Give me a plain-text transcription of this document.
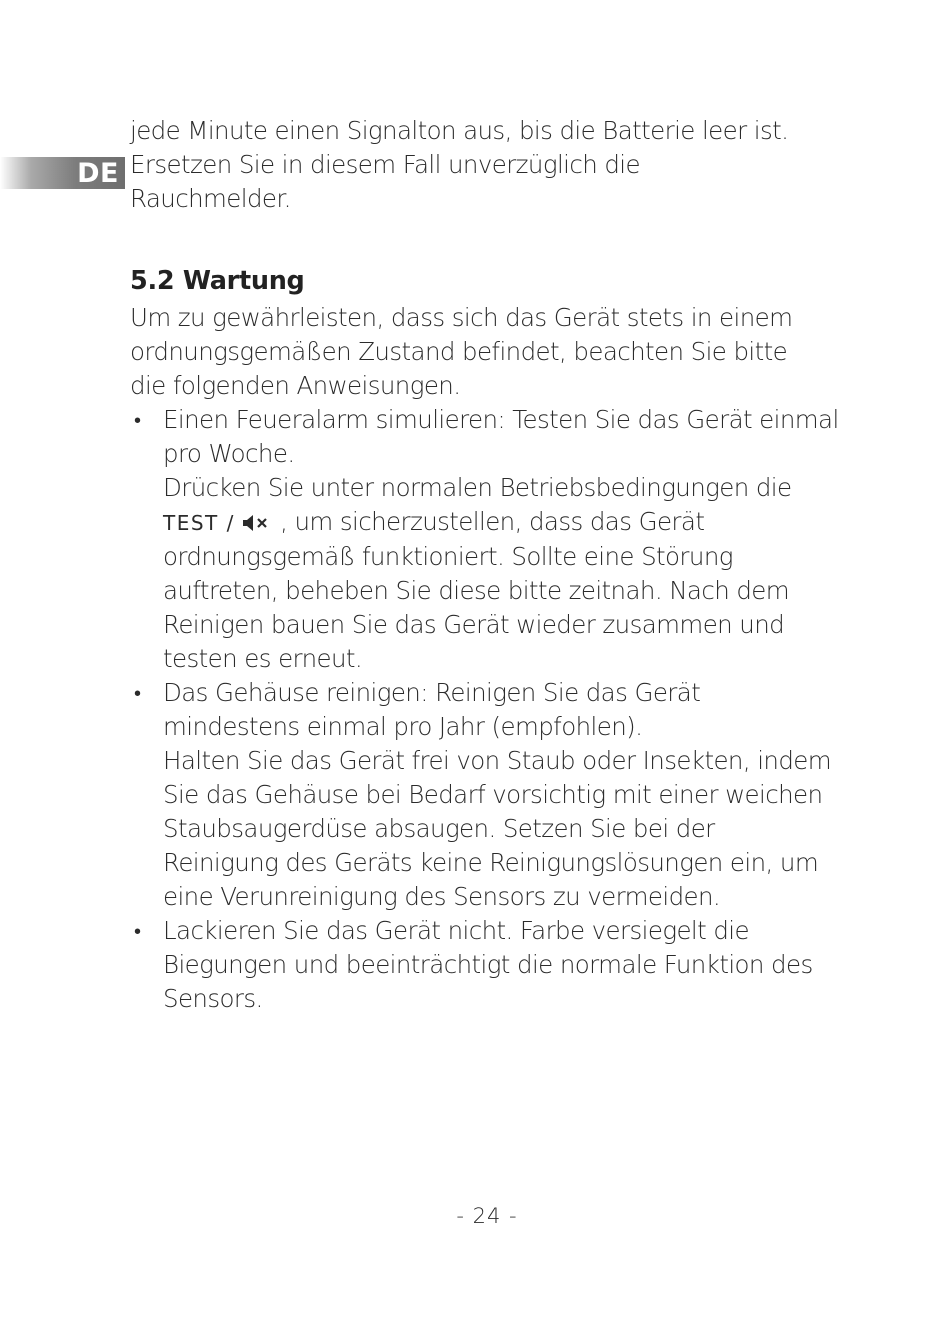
DE

jede Minute einen Signalton aus, bis die Batterie leer ist.
Ersetzen Sie in diesem Fall unverzüglich die
Rauchmelder.

5.2 Wartung

Um zu gewährleisten, dass sich das Gerät stets in einem
ordnungsgemäßen Zustand befindet, beachten Sie bitte
die folgenden Anweisungen.

• Einen Feueralarm simulieren: Testen Sie das Gerät einmal
pro Woche.
Drücken Sie unter normalen Betriebsbedingungen die
TEST / , um sicherzustellen, dass das Gerät
ordnungsgemäß funktioniert. Sollte eine Störung
auftreten, beheben Sie diese bitte zeitnah. Nach dem
Reinigen bauen Sie das Gerät wieder zusammen und
testen es erneut.
• Das Gehäuse reinigen: Reinigen Sie das Gerät
mindestens einmal pro Jahr (empfohlen).
Halten Sie das Gerät frei von Staub oder Insekten, indem
Sie das Gehäuse bei Bedarf vorsichtig mit einer weichen
Staubsaugerdüse absaugen. Setzen Sie bei der
Reinigung des Geräts keine Reinigungslösungen ein, um
eine Verunreinigung des Sensors zu vermeiden.
• Lackieren Sie das Gerät nicht. Farbe versiegelt die
Biegungen und beeinträchtigt die normale Funktion des
Sensors.
- 24 -
